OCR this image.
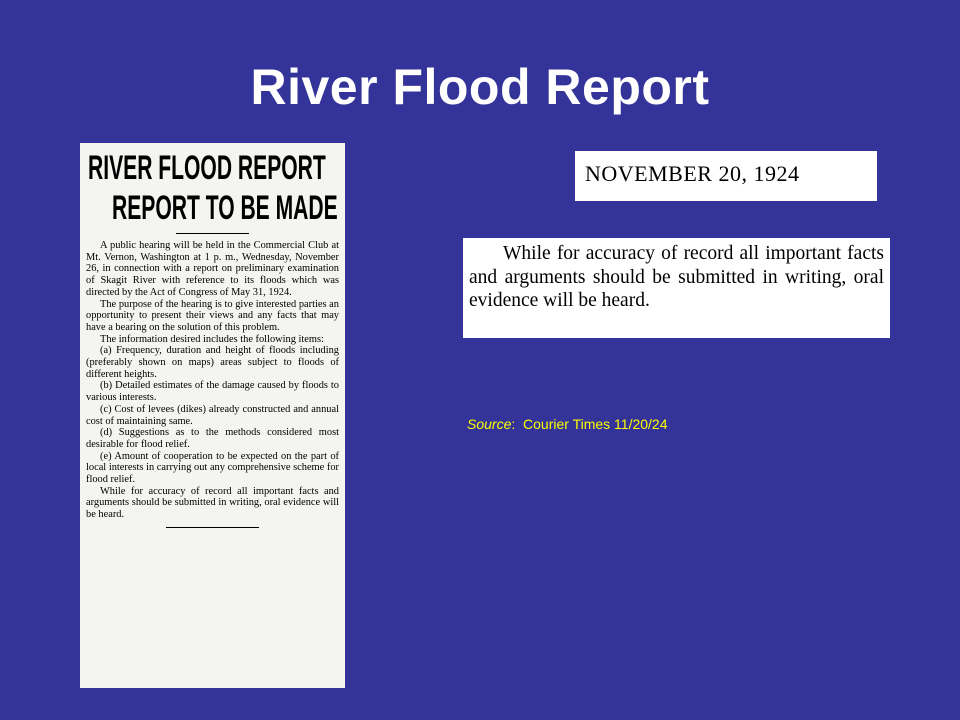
River Flood Report
RIVER FLOOD REPORT
REPORT TO BE MADE

A public hearing will be held in the Commercial Club at Mt. Vernon, Washington at 1 p. m., Wednesday, November 26, in connection with a report on preliminary examination of Skagit River with reference to its floods which was directed by the Act of Congress of May 31, 1924.

The purpose of the hearing is to give interested parties an opportunity to present their views and any facts that may have a bearing on the solution of this problem.

The information desired includes the following items:

(a) Frequency, duration and height of floods including (preferably shown on maps) areas subject to floods of different heights.

(b) Detailed estimates of the damage caused by floods to various interests.

(c) Cost of levees (dikes) already constructed and annual cost of maintaining same.

(d) Suggestions as to the methods considered most desirable for flood relief.

(e) Amount of cooperation to be expected on the part of local interests in carrying out any comprehensive scheme for flood relief.

While for accuracy of record all important facts and arguments should be submitted in writing, oral evidence will be heard.

NOVEMBER 20, 1924

While for accuracy of record all important facts and arguments should be submitted in writing, oral evidence will be heard.

Source: Courier Times 11/20/24
